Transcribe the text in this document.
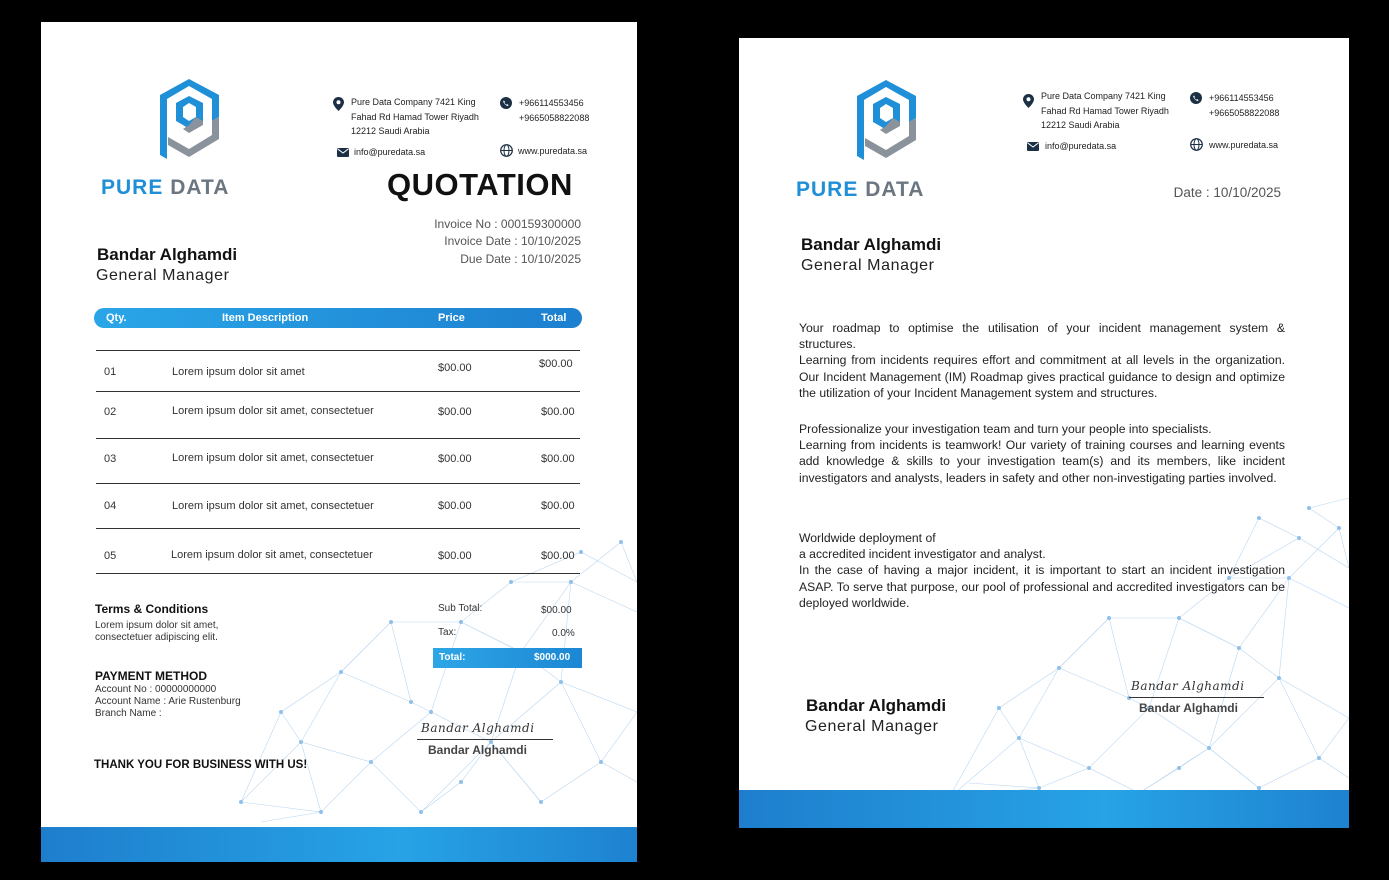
PURE DATA
Pure Data Company 7421 King
Fahad Rd Hamad Tower Riyadh
12212 Saudi Arabia
+966114553456
+9665058822088
info@puredata.sa	www.puredata.sa
QUOTATION
Invoice No : 000159300000
Invoice Date : 10/10/2025
Due Date : 10/10/2025
Bandar Alghamdi
General Manager
Qty.	Item Description	Price	Total
01	Lorem ipsum dolor sit amet	$00.00	$00.00
02	Lorem ipsum dolor sit amet, consectetuer	$00.00	$00.00
03	Lorem ipsum dolor sit amet, consectetuer	$00.00	$00.00
04	Lorem ipsum dolor sit amet, consectetuer	$00.00	$00.00
05	Lorem ipsum dolor sit amet, consectetuer	$00.00	$00.00
Terms & Conditions
Lorem ipsum dolor sit amet,
consectetuer adipiscing elit.
Sub Total:	$00.00
Tax:	0.0%
Total:	$000.00
PAYMENT METHOD
Account No : 00000000000
Account Name : Arie Rustenburg
Branch Name :
Bandar Alghamdi
Bandar Alghamdi
THANK YOU FOR BUSINESS WITH US!
PURE DATA
Pure Data Company 7421 King
Fahad Rd Hamad Tower Riyadh
12212 Saudi Arabia
+966114553456
+9665058822088
info@puredata.sa	www.puredata.sa
Date : 10/10/2025
Bandar Alghamdi
General Manager

Your roadmap to optimise the utilisation of your incident management system & structures.

Learning from incidents requires effort and commitment at all levels in the organization. Our Incident Management (IM) Roadmap gives practical guidance to design and optimize the utilization of your Incident Management system and structures.

Professionalize your investigation team and turn your people into specialists.

Learning from incidents is teamwork! Our variety of training courses and learning events add knowledge & skills to your investigation team(s) and its members, like incident investigators and analysts, leaders in safety and other non-investigating parties involved.

Worldwide deployment of

a accredited incident investigator and analyst.

In the case of having a major incident, it is important to start an incident investigation ASAP. To serve that purpose, our pool of professional and accredited investigators can be deployed worldwide.

Bandar Alghamdi
General Manager
Bandar Alghamdi
Bandar Alghamdi
